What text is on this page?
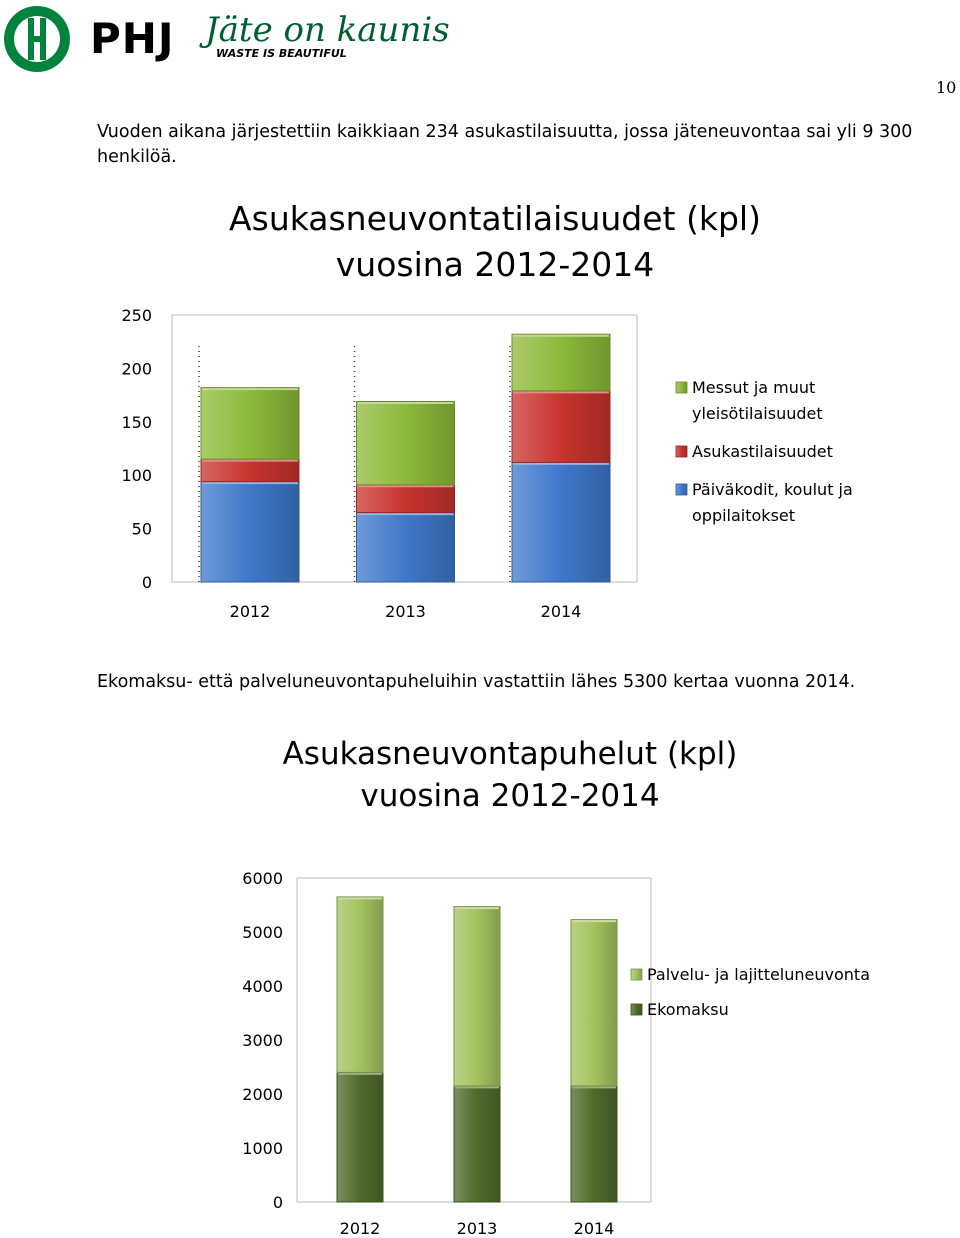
PHJ Jäte on kaunis
WASTE IS BEAUTIFUL
10
Vuoden aikana järjestettiin kaikkiaan 234 asukastilaisuutta, jossa jäteneuvontaa sai yli 9 300 henkilöä.
Asukasneuvontatilaisuudet (kpl)
vuosina 2012-2014
0
50
100
150
200
250
2012	2013	2014
Messut ja muut
yleisötilaisuudet
Asukastilaisuudet
Päiväkodit, koulut ja
oppilaitokset
Ekomaksu- että palveluneuvontapuheluihin vastattiin lähes 5300 kertaa vuonna 2014.
Asukasneuvontapuhelut (kpl)
vuosina 2012-2014
0
1000
2000
3000
4000
5000
6000
2012	2013	2014
Palvelu- ja lajitteluneuvonta
Ekomaksu
